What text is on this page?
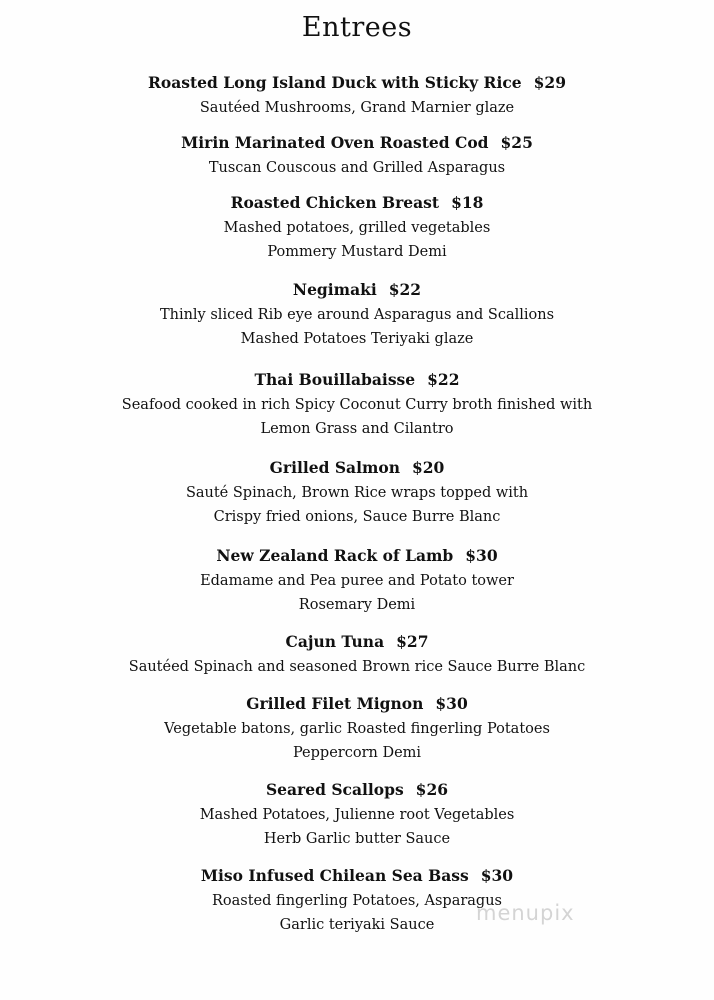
Entrees
Roasted Long Island Duck with Sticky Rice $29
Sautéed Mushrooms, Grand Marnier glaze
Mirin Marinated Oven Roasted Cod $25
Tuscan Couscous and Grilled Asparagus
Roasted Chicken Breast $18
Mashed potatoes, grilled vegetables
Pommery Mustard Demi
Negimaki $22
Thinly sliced Rib eye around Asparagus and Scallions
Mashed Potatoes Teriyaki glaze
Thai Bouillabaisse $22
Seafood cooked in rich Spicy Coconut Curry broth finished with
Lemon Grass and Cilantro
Grilled Salmon $20
Sauté Spinach, Brown Rice wraps topped with
Crispy fried onions, Sauce Burre Blanc
New Zealand Rack of Lamb $30
Edamame and Pea puree and Potato tower
Rosemary Demi
Cajun Tuna $27
Sautéed Spinach and seasoned Brown rice Sauce Burre Blanc
Grilled Filet Mignon $30
Vegetable batons, garlic Roasted fingerling Potatoes
Peppercorn Demi
Seared Scallops $26
Mashed Potatoes, Julienne root Vegetables
Herb Garlic butter Sauce
Miso Infused Chilean Sea Bass $30
Roasted fingerling Potatoes, Asparagus
Garlic teriyaki Sauce	menupix
